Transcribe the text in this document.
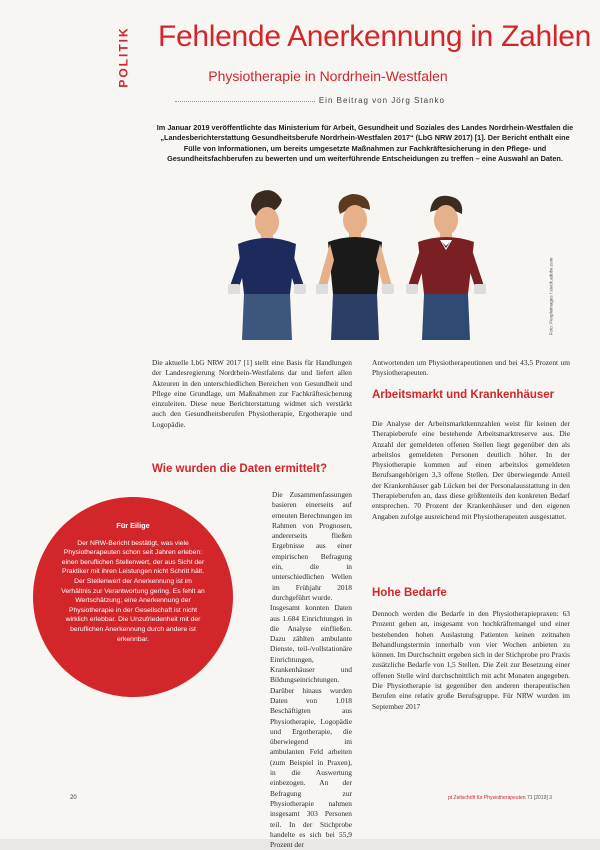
POLITIK Fehlende Anerkennung in Zahlen
Physiotherapie in Nordrhein-Westfalen
Ein Beitrag von Jörg Stanko
Im Januar 2019 veröffentlichte das Ministerium für Arbeit, Gesundheit und Soziales des Landes Nordrhein-Westfalen die „Landesberichterstattung Gesundheitsberufe Nordrhein-Westfalen 2017“ (LbG NRW 2017) [1]. Der Bericht enthält eine Fülle von Informationen, um bereits umgesetzte Maßnahmen zur Fachkräftesicherung in den Pflege- und Gesundheitsfachberufen zu bewerten und um weiterführende Entscheidungen zu treffen – eine Auswahl an Daten.
Foto: Peopleimages / stock.adobe.com
Die aktuelle LbG NRW 2017 [1] stellt eine Basis für Handlungen der Landesregierung Nordrhein-Westfalens dar und liefert allen Akteuren in den unterschiedlichen Bereichen von Gesundheit und Pflege eine Grundlage, um Maßnahmen zur Fachkräftesicherung einzuleiten. Diese neue Berichterstattung widmet sich verstärkt auch den Gesundheitsberufen Physiotherapie, Ergotherapie und Logopädie.
Wie wurden die Daten ermittelt?
Die Zusammenfassungen basieren einerseits auf erneuten Berechnungen im Rahmen von Prognosen, andererseits fließen Ergebnisse aus einer empirischen Befragung ein, die in unterschiedlichen Wellen im Frühjahr 2018 durchgeführt wurde.
Insgesamt konnten Daten aus 1.684 Einrichtungen in die Analyse einfließen. Dazu zählten ambulante Dienste, teil-/vollstationäre Einrichtungen, Krankenhäuser und Bildungseinrichtungen. Darüber hinaus wurden Daten von 1.018 Beschäftigten aus Physiotherapie, Logopädie und Ergotherapie, die überwiegend im ambulanten Feld arbeiten (zum Beispiel in Praxen), in die Auswertung einbezogen. An der Befragung zur Physiotherapie nahmen insgesamt 303 Personen teil. In der Stichprobe handelte es sich bei 55,9 Prozent der
Antwortenden um Physiotherapeutinnen und bei 43,5 Prozent um Physiotherapeuten.
Arbeitsmarkt und Krankenhäuser
Die Analyse der Arbeitsmarktkennzahlen weist für keinen der Therapieberufe eine bestehende Arbeitsmarktreserve aus. Die Anzahl der gemeldeten offenen Stellen liegt gegenüber den als arbeitslos gemeldeten Personen deutlich höher. In der Physiotherapie kommen auf einen arbeitslos gemeldeten Berufsangehörigen 3,3 offene Stellen. Der überwiegende Anteil der Krankenhäuser gab Lücken bei der Personalausstattung in den Therapieberufen an, dass diese größtenteils den konkreten Bedarf entsprechen. 70 Prozent der Krankenhäuser und den eigenen Angaben zufolge ausreichend mit Physiotherapeuten ausgestattet.
Hohe Bedarfe
Dennoch werden die Bedarfe in den Physiotherapiepraxen: 63 Prozent gehen an, insgesamt von hochkräftemangel und einer bestehenden hohen Auslastung Patienten keinen zeitnahen Behandlungstermin innerhalb von vier Wochen anbieten zu können. Im Durchschnitt ergeben sich in der Stichprobe pro Praxis zusätzliche Bedarfe von 1,5 Stellen. Die Zeit zur Besetzung einer offenen Stelle wird durchschnittlich mit acht Monaten angegeben. Die Physiotherapie ist gegenüber den anderen therapeutischen Berufen eine relativ große Berufsgruppe. Für NRW wurden im September 2017
Für Eilige
Der NRW-Bericht bestätigt, was viele Physiotherapeuten schon seit Jahren erleben: einen beruflichen Stellenwert, der aus Sicht der Praktiker mit ihren Leistungen nicht Schritt hält. Der Stellenwert der Anerkennung ist im Verhältnis zur Verantwortung gering. Es fehlt an Wertschätzung; eine Anerkennung der Physiotherapie in der Gesellschaft ist nicht wirklich erlebbar. Die Unzufriedenheit mit der beruflichen Anerkennung durch andere ist erkennbar.
20	pt Zeitschrift für Physiotherapeuten 71 [2019] 3
